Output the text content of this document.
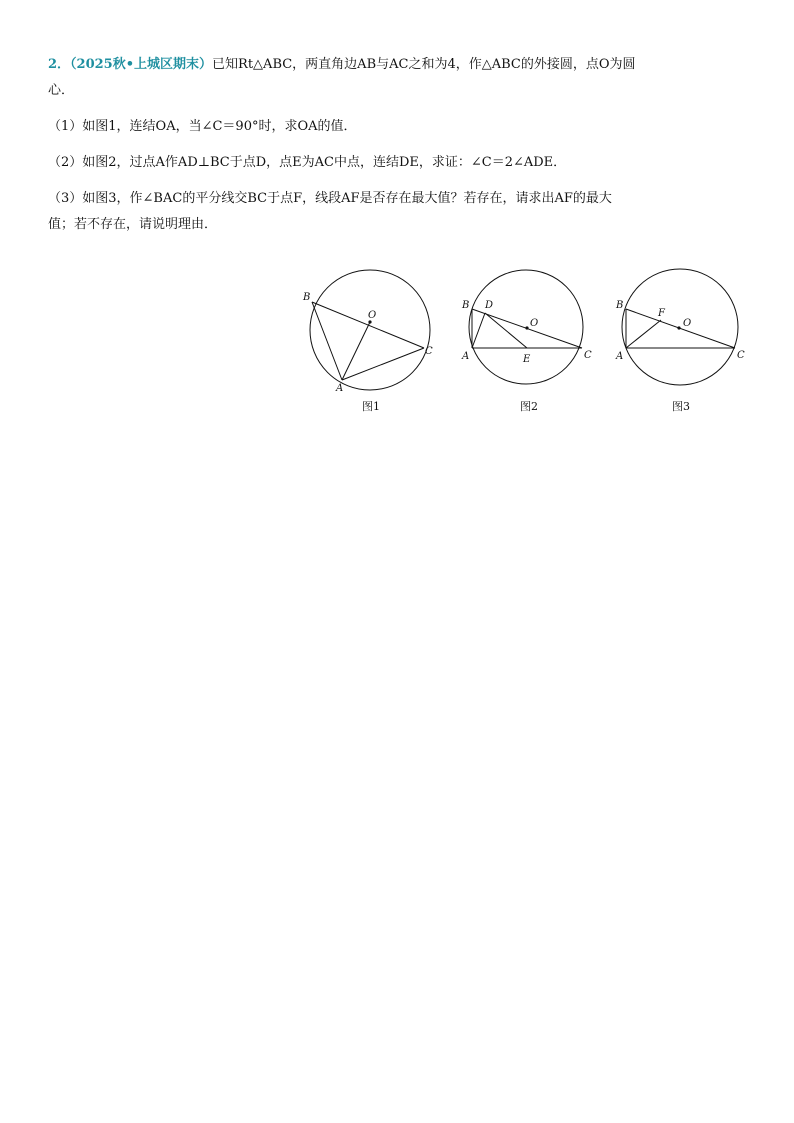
2．（2025秋•上城区期末）已知Rt△ABC，两直角边AB与AC之和为4，作△ABC的外接圆，点O为圆
心．
（1）如图1，连结OA，当∠C＝90°时，求OA的值．
（2）如图2，过点A作AD⊥BC于点D，点E为AC中点，连结DE，求证：∠C＝2∠ADE．
（3）如图3，作∠BAC的平分线交BC于点F，线段AF是否存在最大值？若存在，请求出AF的最大
值；若不存在，请说明理由．
B
O
C
A
图1
B D
O
A	E	C
图2
B
F
O
A	C
图3
